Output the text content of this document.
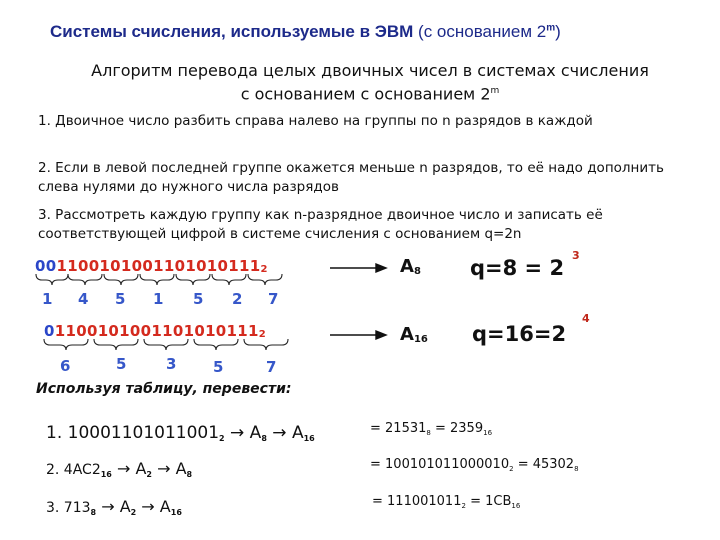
Системы счисления, используемые в ЭВМ (с основанием 2$^m$)
Алгоритм перевода целых двоичных чисел в системах счисления
с основанием с основанием 2$^m$
1. Двоичное число разбить справа налево на группы по n разрядов в каждой
2. Если в левой последней группе окажется меньше n разрядов, то её надо дополнить слева нулями до нужного числа разрядов
3. Рассмотреть каждую группу как n-разрядное двоичное число и записать её соответствующей цифрой в системе счисления с основанием q=2n
$001100101001101010111_2$
1 4 5 1 5 2 7
$A_8$ q=8 = 2
3
$01100101001101010111_2$
6	5	3 5	7
$A_{16}$ q=16=2
4
Используя таблицу, перевести:
1. $10001101011001_2 \to A_8 \to A_{16}$
2. $4AC2_{16} \to A_2 \to A_8$
3. $713_8 \to A_2 \to A_{16}$
= $21531_8 = 2359_{16}$
= $100101011000010_2 = 45302_8$
= $111001011_2 = 1CB_{16}$
